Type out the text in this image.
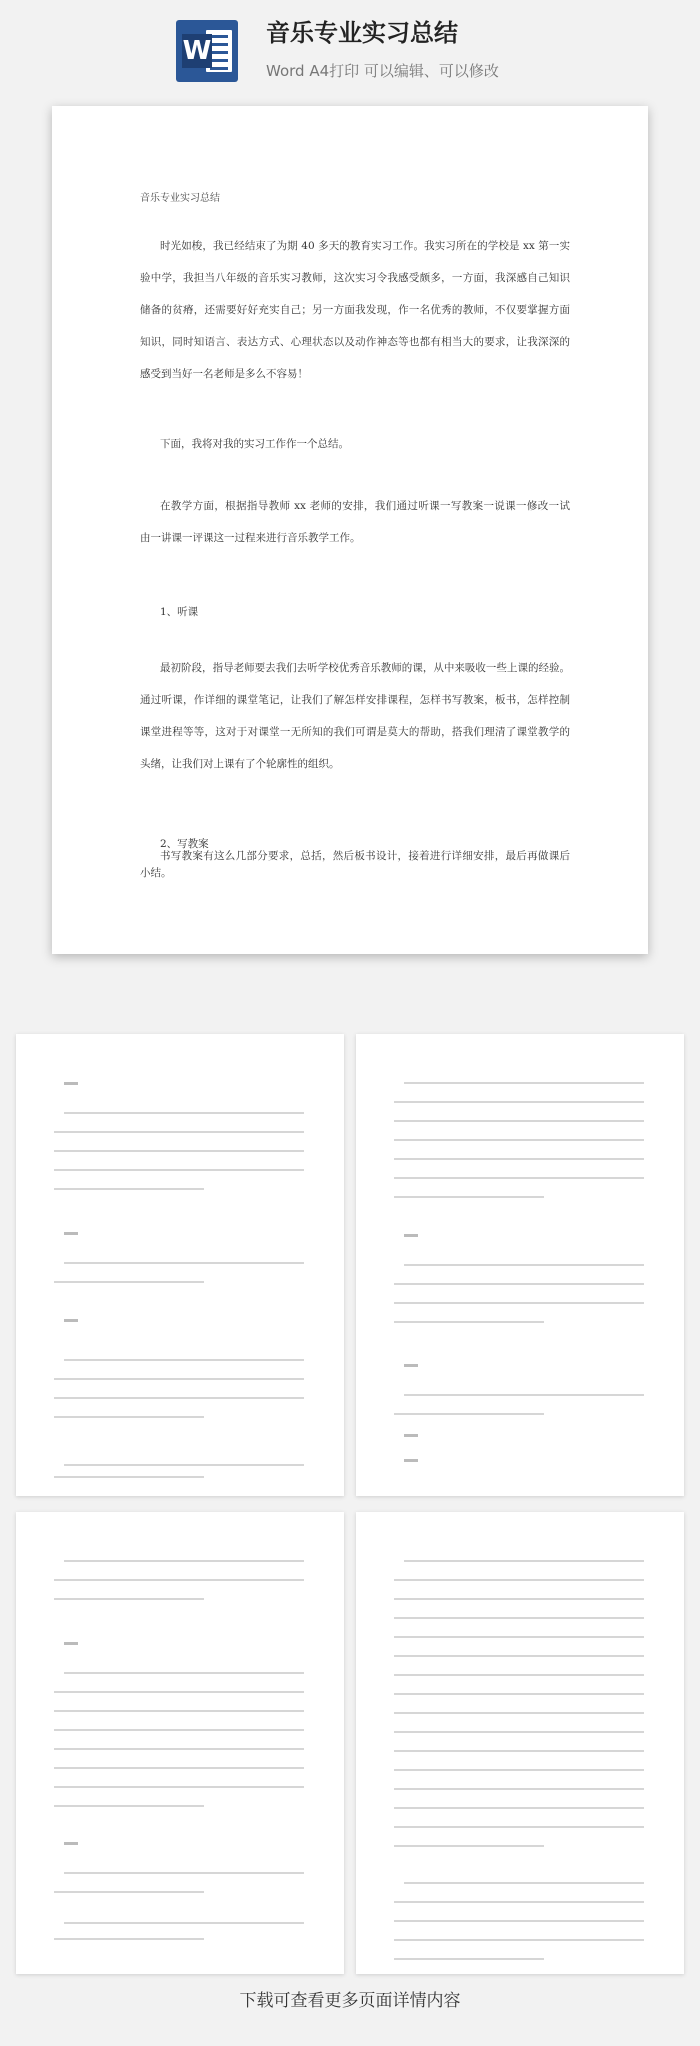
W
音乐专业实习总结
Word A4打印 可以编辑、可以修改
音乐专业实习总结

时光如梭，我已经结束了为期 40 多天的教育实习工作。我实习所在的学校是 xx 第一实 验中学，我担当八年级的音乐实习教师，这次实习令我感受颇多，一方面，我深感自己知识 储备的贫瘠，还需要好好充实自己；另一方面我发现，作一名优秀的教师，不仅要掌握方面 知识，同时知语言、表达方式、心理状态以及动作神态等也都有相当大的要求，让我深深的 感受到当好一名老师是多么不容易！

下面，我将对我的实习工作作一个总结。

在教学方面，根据指导教师 xx 老师的安排，我们通过听课一写教案一说课一修改一试 由一讲课一评课这一过程来进行音乐教学工作。

1、听课

最初阶段，指导老师要去我们去听学校优秀音乐教师的课，从中来吸收一些上课的经验。 通过听课，作详细的课堂笔记，让我们了解怎样安排课程，怎样书写教案，板书，怎样控制 课堂进程等等，这对于对课堂一无所知的我们可谓是莫大的帮助，搭我们理清了课堂教学的 头绪，让我们对上课有了个轮廓性的组织。

2、写教案

书写教案有这么几部分要求，总括，然后板书设计，接着进行详细安排，最后再做课后 小结。

下载可查看更多页面详情内容
